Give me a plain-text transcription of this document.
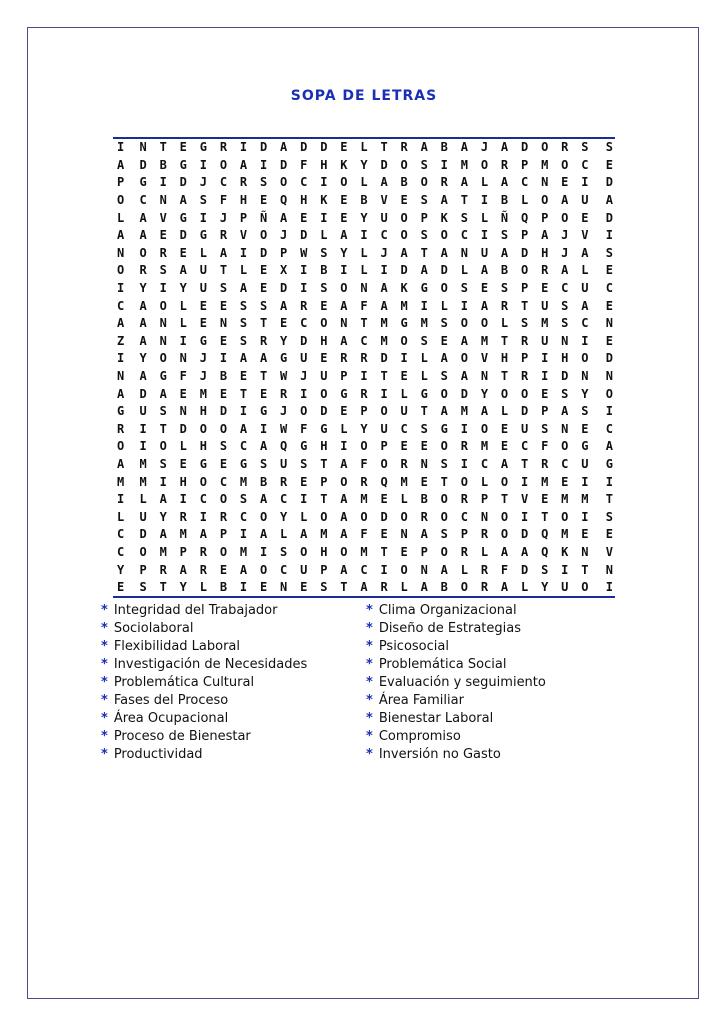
SOPA DE LETRAS
I	N	T	E	G	R	I	D	A	D	D	E	L	T	R	A	B	A	J	A	D	O	R	S	S
A	D	B	G	I	O	A	I	D	F	H	K	Y	D	O	S	I	M	O	R	P	M	O	C	E
P	G	I	D	J	C	R	S	O	C	I	O	L	A	B	O	R	A	L	A	C	N	E	I	D
O	C	N	A	S	F	H	E	Q	H	K	E	B	V	E	S	A	T	I	B	L	O	A	U	A
L	A	V	G	I	J	P	Ñ	A	E	I	E	Y	U	O	P	K	S	L	Ñ	Q	P	O	E	D
A	A	E	D	G	R	V	O	J	D	L	A	I	C	O	S	O	C	I	S	P	A	J	V	I
N	O	R	E	L	A	I	D	P	W	S	Y	L	J	A	T	A	N	U	A	D	H	J	A	S
O	R	S	A	U	T	L	E	X	I	B	I	L	I	D	A	D	L	A	B	O	R	A	L	E
I	Y	I	Y	U	S	A	E	D	I	S	O	N	A	K	G	O	S	E	S	P	E	C	U	C
C	A	O	L	E	E	S	S	A	R	E	A	F	A	M	I	L	I	A	R	T	U	S	A	E
A	A	N	L	E	N	S	T	E	C	O	N	T	M	G	M	S	O	O	L	S	M	S	C	N
Z	A	N	I	G	E	S	R	Y	D	H	A	C	M	O	S	E	A	M	T	R	U	N	I	E
I	Y	O	N	J	I	A	A	G	U	E	R	R	D	I	L	A	O	V	H	P	I	H	O	D
N	A	G	F	J	B	E	T	W	J	U	P	I	T	E	L	S	A	N	T	R	I	D	N	N
A	D	A	E	M	E	T	E	R	I	O	G	R	I	L	G	O	D	Y	O	O	E	S	Y	O
G	U	S	N	H	D	I	G	J	O	D	E	P	O	U	T	A	M	A	L	D	P	A	S	I
R	I	T	D	O	O	A	I	W	F	G	L	Y	U	C	S	G	I	O	E	U	S	N	E	C
O	I	O	L	H	S	C	A	Q	G	H	I	O	P	E	E	O	R	M	E	C	F	O	G	A
A	M	S	E	G	E	G	S	U	S	T	A	F	O	R	N	S	I	C	A	T	R	C	U	G
M	M	I	H	O	C	M	B	R	E	P	O	R	Q	M	E	T	O	L	O	I	M	E	I	I
I	L	A	I	C	O	S	A	C	I	T	A	M	E	L	B	O	R	P	T	V	E	M	M	T
L	U	Y	R	I	R	C	O	Y	L	O	A	O	D	O	R	O	C	N	O	I	T	O	I	S
C	D	A	M	A	P	I	A	L	A	M	A	F	E	N	A	S	P	R	O	D	Q	M	E	E
C	O	M	P	R	O	M	I	S	O	H	O	M	T	E	P	O	R	L	A	A	Q	K	N	V
Y	P	R	A	R	E	A	O	C	U	P	A	C	I	O	N	A	L	R	F	D	S	I	T	N
E	S	T	Y	L	B	I	E	N	E	S	T	A	R	L	A	B	O	R	A	L	Y	U	O	I
* Integridad del Trabajador
* Sociolaboral
* Flexibilidad Laboral
* Investigación de Necesidades
* Problemática Cultural
* Fases del Proceso
* Área Ocupacional
* Proceso de Bienestar
* Productividad
* Clima Organizacional
* Diseño de Estrategias
* Psicosocial
* Problemática Social
* Evaluación y seguimiento
* Área Familiar
* Bienestar Laboral
* Compromiso
* Inversión no Gasto
